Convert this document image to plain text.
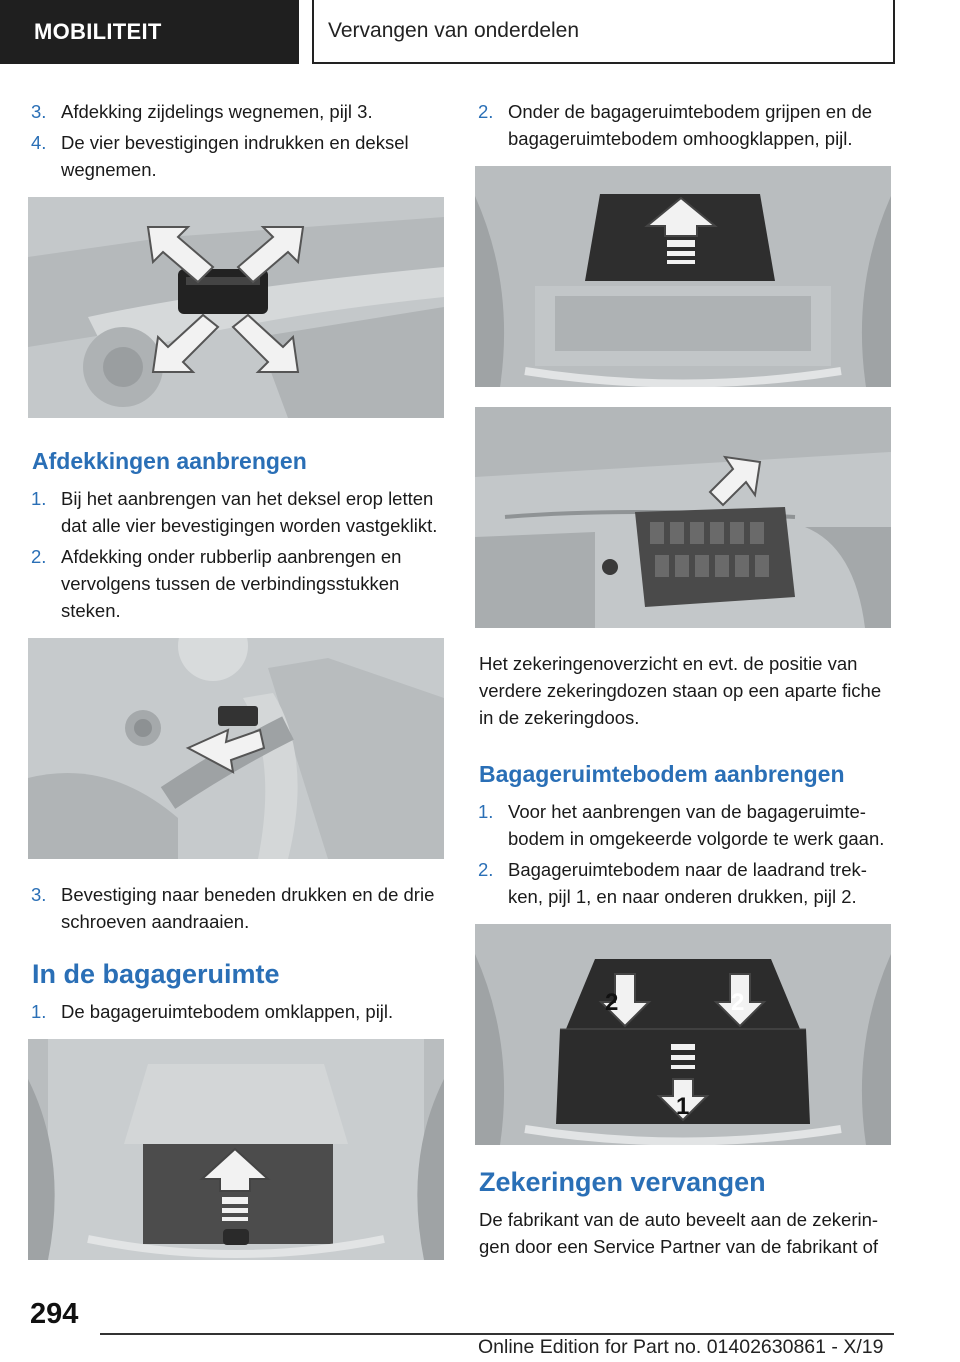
MOBILITEIT	Vervangen van onderdelen
3. Afdekking zijdelings wegnemen, pijl 3.
4. De vier bevestigingen indrukken en deksel wegnemen.
Afdekkingen aanbrengen
1. Bij het aanbrengen van het deksel erop letten dat alle vier bevestigingen worden vastgeklikt.
2. Afdekking onder rubberlip aanbrengen en vervolgens tussen de verbindingsstukken steken.
3. Bevestiging naar beneden drukken en de drie schroeven aandraaien.
In de bagageruimte
1. De bagageruimtebodem omklappen, pijl.
2. Onder de bagageruimtebodem grijpen en de bagageruimtebodem omhoogklappen, pijl.
Het zekeringenoverzicht en evt. de positie van verdere zekeringdozen staan op een aparte fiche in de zekeringdoos.
Bagageruimtebodem aanbrengen
1. Voor het aanbrengen van de bagageruimtebodem in omgekeerde volgorde te werk gaan.
2. Bagageruimtebodem naar de laadrand trekken, pijl 1, en naar onderen drukken, pijl 2.
2	2
1
Zekeringen vervangen
De fabrikant van de auto beveelt aan de zekeringen door een Service Partner van de fabrikant of
294
Online Edition for Part no. 01402630861 - X/19
